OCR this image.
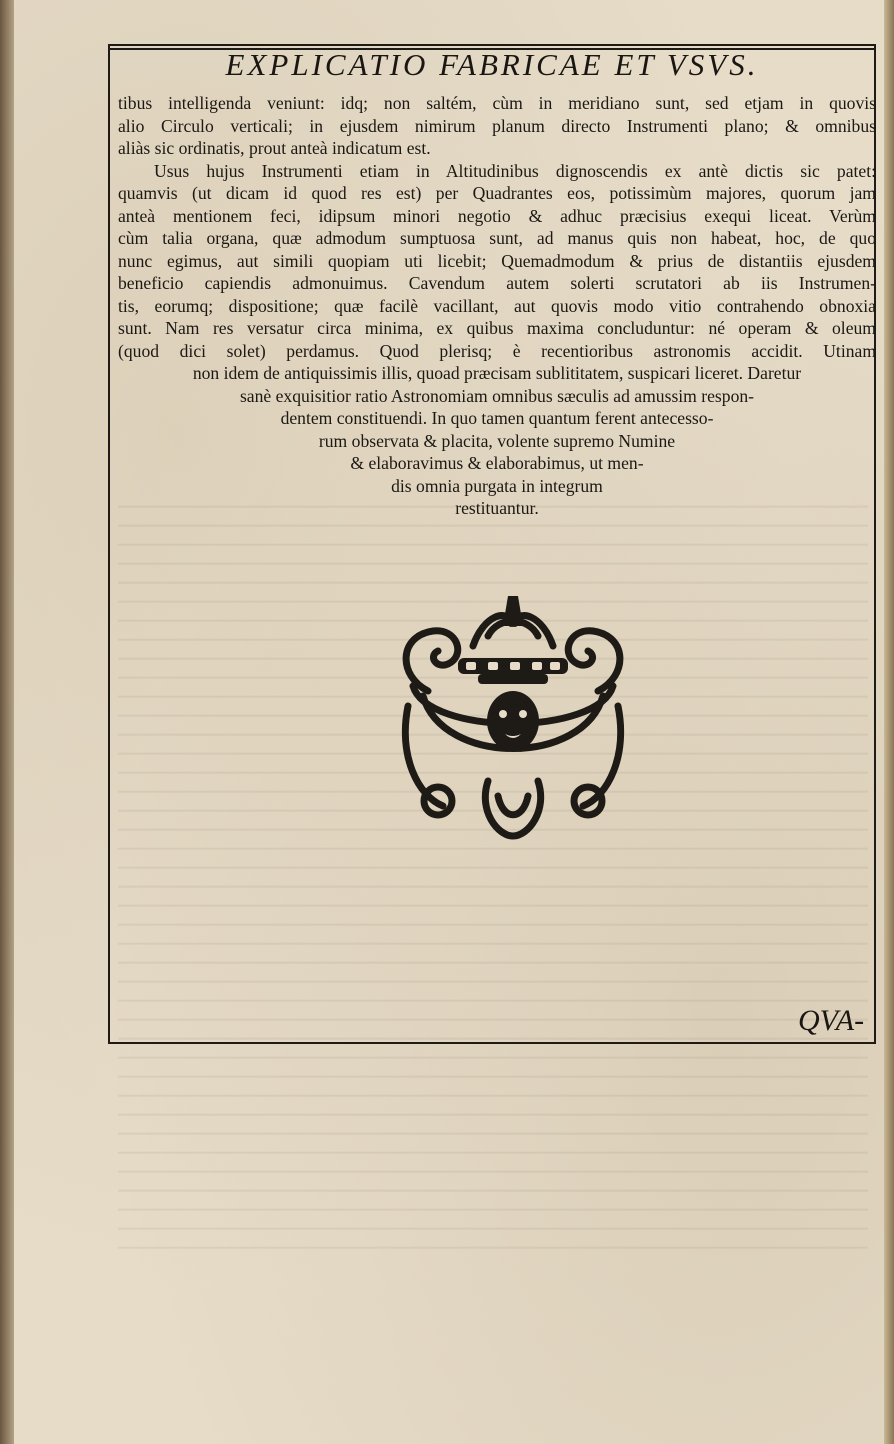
EXPLICATIO FABRICAE ET VSVS.
tibus intelligenda veniunt: idq; non saltém, cùm in meridiano sunt, sed etjam in quovis
alio Circulo verticali; in ejusdem nimirum planum directo Instrumenti plano; & omnibus
aliàs sic ordinatis, prout anteà indicatum est.
Usus hujus Instrumenti etiam in Altitudinibus dignoscendis ex antè dictis sic patet:
quamvis (ut dicam id quod res est) per Quadrantes eos, potissimùm majores, quorum jam
anteà mentionem feci, idipsum minori negotio & adhuc præcisius exequi liceat. Verùm
cùm talia organa, quæ admodum sumptuosa sunt, ad manus quis non habeat, hoc, de quo
nunc egimus, aut simili quopiam uti licebit; Quemadmodum & prius de distantiis ejusdem
beneficio capiendis admonuimus. Cavendum autem solerti scrutatori ab iis Instrumen-
tis, eorumq; dispositione; quæ facilè vacillant, aut quovis modo vitio contrahendo obnoxia
sunt. Nam res versatur circa minima, ex quibus maxima concluduntur: né operam & oleum
(quod dici solet) perdamus. Quod plerisq; è recentioribus astronomis accidit. Utinam
non idem de antiquissimis illis, quoad præcisam sublititatem, suspicari liceret. Daretur
sanè exquisitior ratio Astronomiam omnibus sæculis ad amussim respon-
dentem constituendi. In quo tamen quantum ferent antecesso-
rum observata & placita, volente supremo Numine
& elaboravimus & elaborabimus, ut men-
dis omnia purgata in integrum
restituantur.
QVA-
